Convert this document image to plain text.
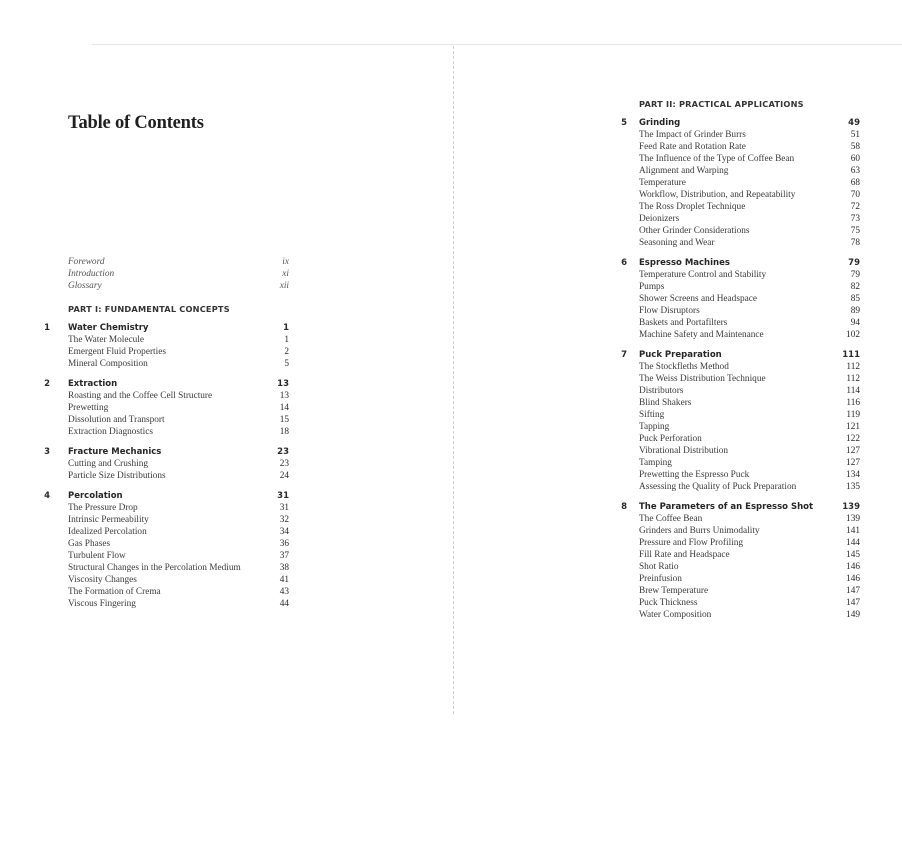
Table of Contents
Foreword	ix
Introduction	xi
Glossary	xii
PART I: FUNDAMENTAL CONCEPTS
1 Water Chemistry	1
The Water Molecule	1
Emergent Fluid Properties	2
Mineral Composition	5
2 Extraction	13
Roasting and the Coffee Cell Structure	13
Prewetting	14
Dissolution and Transport	15
Extraction Diagnostics	18
3 Fracture Mechanics	23
Cutting and Crushing	23
Particle Size Distributions	24
4 Percolation	31
The Pressure Drop	31
Intrinsic Permeability	32
Idealized Percolation	34
Gas Phases	36
Turbulent Flow	37
Structural Changes in the Percolation Medium	38
Viscosity Changes	41
The Formation of Crema	43
Viscous Fingering	44
PART II: PRACTICAL APPLICATIONS
5 Grinding	49
The Impact of Grinder Burrs	51
Feed Rate and Rotation Rate	58
The Influence of the Type of Coffee Bean	60
Alignment and Warping	63
Temperature	68
Workflow, Distribution, and Repeatability	70
The Ross Droplet Technique	72
Deionizers	73
Other Grinder Considerations	75
Seasoning and Wear	78
6 Espresso Machines	79
Temperature Control and Stability	79
Pumps	82
Shower Screens and Headspace	85
Flow Disruptors	89
Baskets and Portafilters	94
Machine Safety and Maintenance	102
7 Puck Preparation	111
The Stockfleths Method	112
The Weiss Distribution Technique	112
Distributors	114
Blind Shakers	116
Sifting	119
Tapping	121
Puck Perforation	122
Vibrational Distribution	127
Tamping	127
Prewetting the Espresso Puck	134
Assessing the Quality of Puck Preparation	135
8 The Parameters of an Espresso Shot	139
The Coffee Bean	139
Grinders and Burrs Unimodality	141
Pressure and Flow Profiling	144
Fill Rate and Headspace	145
Shot Ratio	146
Preinfusion	146
Brew Temperature	147
Puck Thickness	147
Water Composition	149
